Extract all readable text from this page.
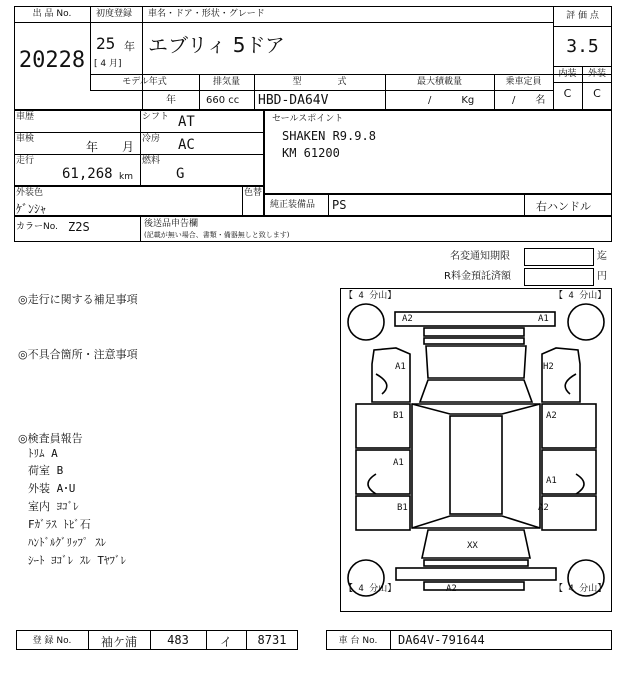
出 品 No.
20228
初度登録
25 年
[ 4 月]
車名・ドア・形状・グレード
エブリィ 5ドア
評 価 点
3.5
内装	外装
C	C
モデル年式
年
排気量
660 cc
型　　　　式
HBD-DA64V
最大積載量
/　　　Kg
乗車定員
/　　名
車歴	シフト AT
車検
年　　月
冷房 AC
走行
61,268 km
燃料
G
セールスポイント
SHAKEN R9.9.8
KM 61200
外装色
ｹﾞﾝｼｬ
色替
純正装備品 PS	右ハンドル
カラーNo. Z2S	後送品申告欄
(記載が無い場合、書類・備器無しと致します)
名変通知期限	迄
R料金預託済額	円
◎走行に関する補足事項
◎不具合箇所・注意事項
◎検査員報告
ﾄﾘﾑ A
荷室 B
外装 A･U
室内 ﾖｺﾞﾚ
Fｶﾞﾗｽ ﾄﾋﾞ石
ﾊﾝﾄﾞﾙｸﾞﾘｯﾌﾟ ｽﾚ
ｼｰﾄ ﾖｺﾞﾚ ｽﾚ Tﾔﾌﾞﾚ
【 4 分山】	【 4 分山】
【 4 分山】	【 4 分山】
A2	A1
A1	H2
B1	A2
A1
A1
B1	A2
XX
A2
登 録 No.	袖ケ浦	483	イ	8731	車 台 No.	DA64V-791644
